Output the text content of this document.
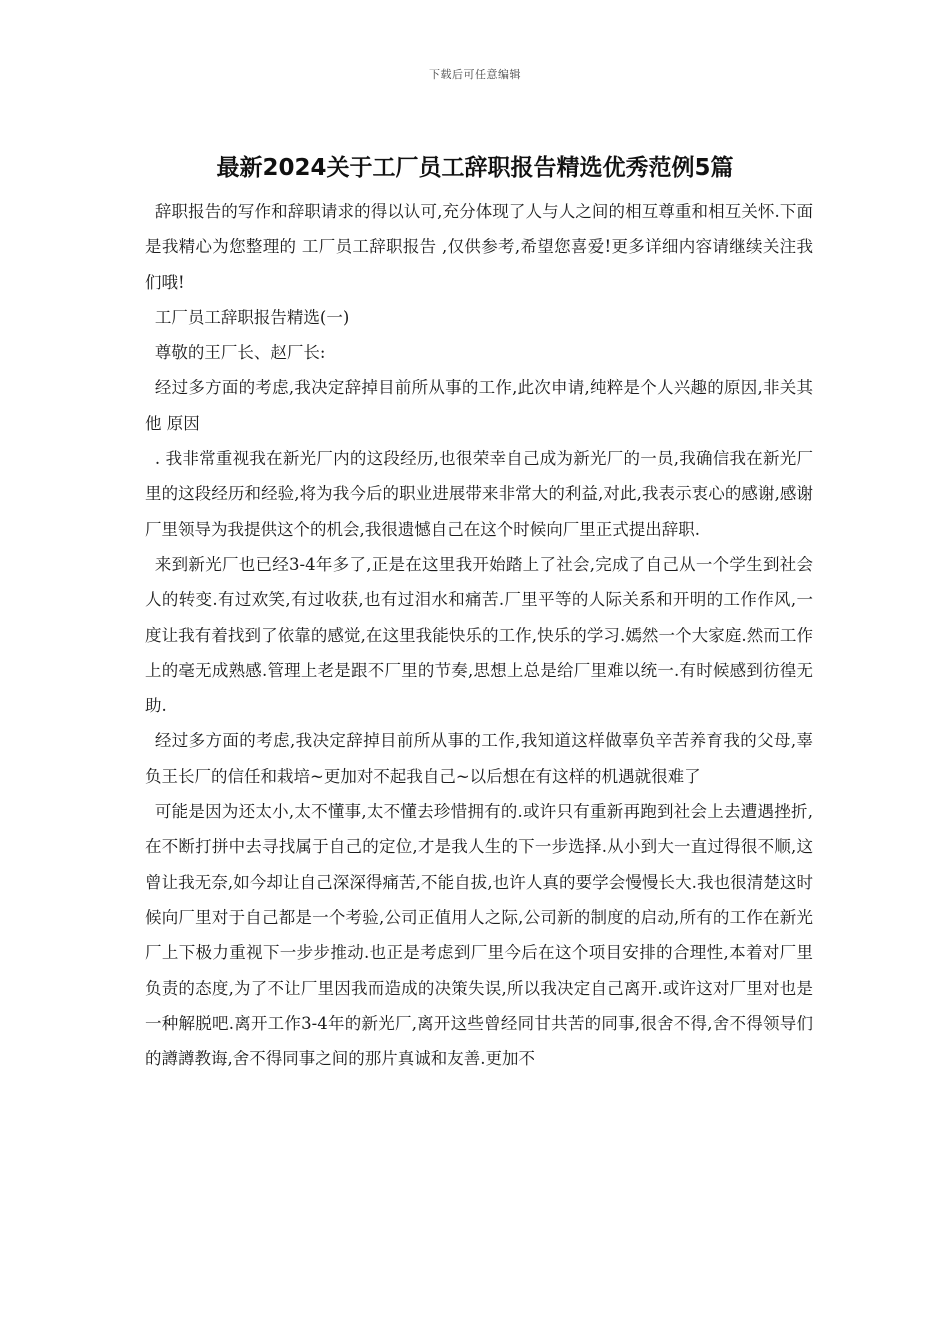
下载后可任意编辑
最新2024关于工厂员工辞职报告精选优秀范例5篇

辞职报告的写作和辞职请求的得以认可,充分体现了人与人之间的相互尊重和相互关怀.下面是我精心为您整理的 工厂员工辞职报告 ,仅供参考,希望您喜爱!更多详细内容请继续关注我们哦!

工厂员工辞职报告精选(一)

尊敬的王厂长、赵厂长:

经过多方面的考虑,我决定辞掉目前所从事的工作,此次申请,纯粹是个人兴趣的原因,非关其他 原因

. 我非常重视我在新光厂内的这段经历,也很荣幸自己成为新光厂的一员,我确信我在新光厂里的这段经历和经验,将为我今后的职业进展带来非常大的利益,对此,我表示衷心的感谢,感谢厂里领导为我提供这个的机会,我很遗憾自己在这个时候向厂里正式提出辞职.

来到新光厂也已经3-4年多了,正是在这里我开始踏上了社会,完成了自己从一个学生到社会人的转变.有过欢笑,有过收获,也有过泪水和痛苦.厂里平等的人际关系和开明的工作作风,一度让我有着找到了依靠的感觉,在这里我能快乐的工作,快乐的学习.嫣然一个大家庭.然而工作上的毫无成熟感.管理上老是跟不厂里的节奏,思想上总是给厂里难以统一.有时候感到彷徨无助.

经过多方面的考虑,我决定辞掉目前所从事的工作,我知道这样做辜负辛苦养育我的父母,辜负王长厂的信任和栽培~更加对不起我自己~以后想在有这样的机遇就很难了

可能是因为还太小,太不懂事,太不懂去珍惜拥有的.或许只有重新再跑到社会上去遭遇挫折,在不断打拼中去寻找属于自己的定位,才是我人生的下一步选择.从小到大一直过得很不顺,这曾让我无奈,如今却让自己深深得痛苦,不能自拔,也许人真的要学会慢慢长大.我也很清楚这时候向厂里对于自己都是一个考验,公司正值用人之际,公司新的制度的启动,所有的工作在新光厂上下极力重视下一步步推动.也正是考虑到厂里今后在这个项目安排的合理性,本着对厂里负责的态度,为了不让厂里因我而造成的决策失误,所以我决定自己离开.或许这对厂里对也是一种解脱吧.离开工作3-4年的新光厂,离开这些曾经同甘共苦的同事,很舍不得,舍不得领导们的譐譐教诲,舍不得同事之间的那片真诚和友善.更加不
